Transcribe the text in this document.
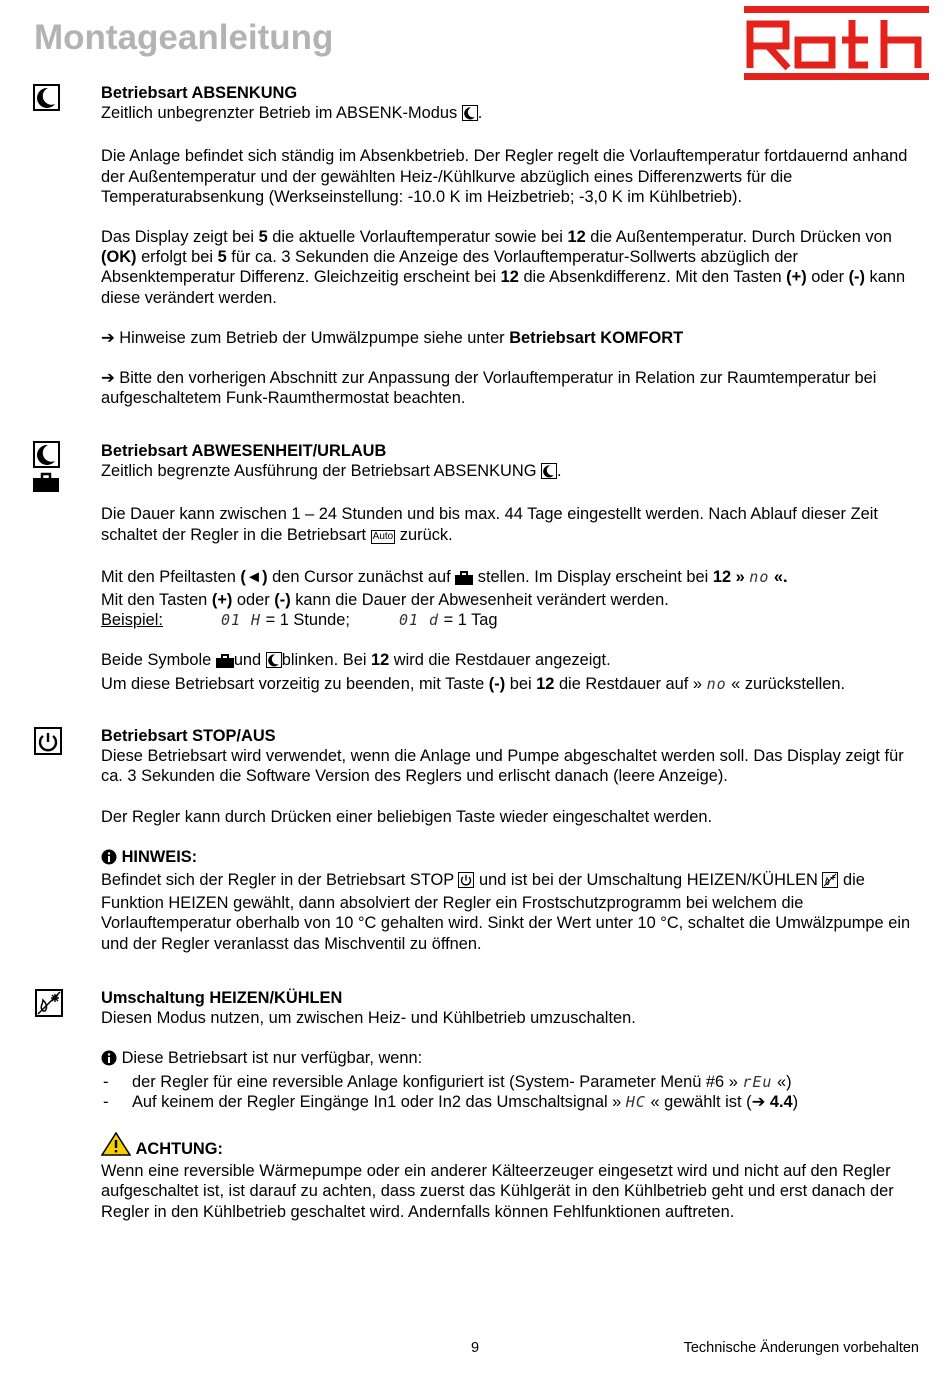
Montageanleitung

Betriebsart ABSENKUNG

Zeitlich unbegrenzter Betrieb im ABSENK-Modus .

Die Anlage befindet sich ständig im Absenkbetrieb. Der Regler regelt die Vorlauftemperatur fortdauernd anhand der Außentemperatur und der gewählten Heiz-/Kühlkurve abzüglich eines Differenzwerts für die Temperaturabsenkung (Werkseinstellung: -10.0 K im Heizbetrieb; -3,0 K im Kühlbetrieb).

Das Display zeigt bei 5 die aktuelle Vorlauftemperatur sowie bei 12 die Außentemperatur. Durch Drücken von (OK) erfolgt bei 5 für ca. 3 Sekunden die Anzeige des Vorlauftemperatur-Sollwerts abzüglich der Absenktemperatur Differenz. Gleichzeitig erscheint bei 12 die Absenkdifferenz. Mit den Tasten (+) oder (-) kann diese verändert werden.

➔ Hinweise zum Betrieb der Umwälzpumpe siehe unter Betriebsart KOMFORT

➔ Bitte den vorherigen Abschnitt zur Anpassung der Vorlauftemperatur in Relation zur Raumtemperatur bei aufgeschaltetem Funk-Raumthermostat beachten.

Betriebsart ABWESENHEIT/URLAUB

Zeitlich begrenzte Ausführung der Betriebsart ABSENKUNG .

Die Dauer kann zwischen 1 – 24 Stunden und bis max. 44 Tage eingestellt werden. Nach Ablauf dieser Zeit schaltet der Regler in die Betriebsart Auto zurück.

Mit den Pfeiltasten (◄) den Cursor zunächst auf  stellen. Im Display erscheint bei 12 » no «.

Mit den Tasten (+) oder (-) kann die Dauer der Abwesenheit verändert werden.

Beispiel:	01 H = 1 Stunde;	01 d = 1 Tag

Beide Symbole und blinken. Bei 12 wird die Restdauer angezeigt.

Um diese Betriebsart vorzeitig zu beenden, mit Taste (-) bei 12 die Restdauer auf » no « zurückstellen.

Betriebsart STOP/AUS

Diese Betriebsart wird verwendet, wenn die Anlage und Pumpe abgeschaltet werden soll. Das Display zeigt für ca. 3 Sekunden die Software Version des Reglers und erlischt danach (leere Anzeige).

Der Regler kann durch Drücken einer beliebigen Taste wieder eingeschaltet werden.

HINWEIS:

Befindet sich der Regler in der Betriebsart STOP  und ist bei der Umschaltung HEIZEN/KÜHLEN  die Funktion HEIZEN gewählt, dann absolviert der Regler ein Frostschutzprogramm bei welchem die Vorlauftemperatur oberhalb von 10 °C gehalten wird. Sinkt der Wert unter 10 °C, schaltet die Umwälzpumpe ein und der Regler veranlasst das Mischventil zu öffnen.

Umschaltung HEIZEN/KÜHLEN

Diesen Modus nutzen, um zwischen Heiz- und Kühlbetrieb umzuschalten.

Diese Betriebsart ist nur verfügbar, wenn:

- der Regler für eine reversible Anlage konfiguriert ist (System- Parameter Menü #6 » rEu «)
- Auf keinem der Regler Eingänge In1 oder In2 das Umschaltsignal » HC « gewählt ist (➔ 4.4)

ACHTUNG:

Wenn eine reversible Wärmepumpe oder ein anderer Kälteerzeuger eingesetzt wird und nicht auf den Regler aufgeschaltet ist, ist darauf zu achten, dass zuerst das Kühlgerät in den Kühlbetrieb geht und erst danach der Regler in den Kühlbetrieb geschaltet wird. Andernfalls können Fehlfunktionen auftreten.

9	Technische Änderungen vorbehalten
